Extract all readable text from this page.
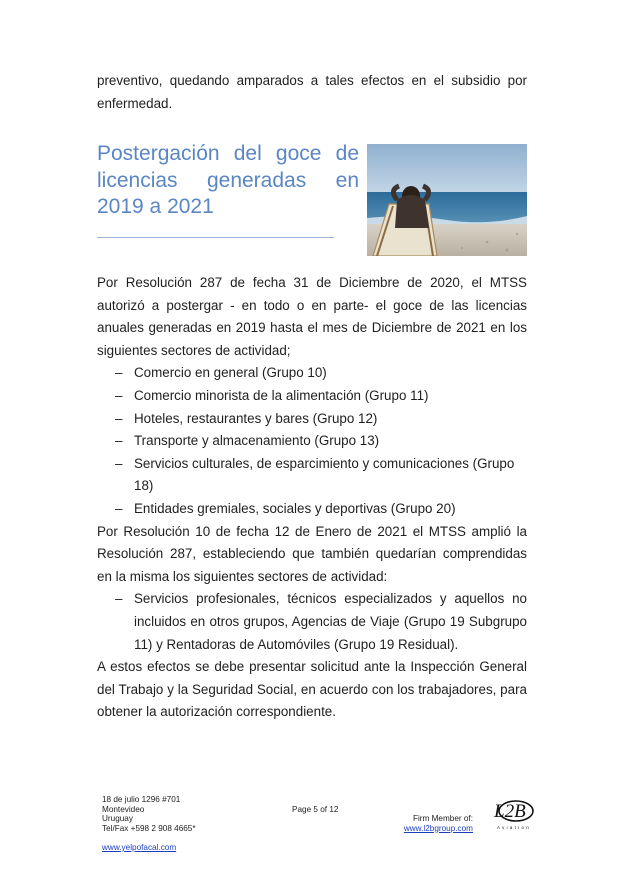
preventivo, quedando amparados a tales efectos en el subsidio por enfermedad.

Postergación del goce de licencias generadas en 2019 a 2021

Por Resolución 287 de fecha 31 de Diciembre de 2020, el MTSS autorizó a postergar - en todo o en parte- el goce de las licencias anuales generadas en 2019 hasta el mes de Diciembre de 2021 en los siguientes sectores de actividad;

– Comercio en general (Grupo 10)
– Comercio minorista de la alimentación (Grupo 11)
– Hoteles, restaurantes y bares (Grupo 12)
– Transporte y almacenamiento (Grupo 13)
– Servicios culturales, de esparcimiento y comunicaciones (Grupo 18)
– Entidades gremiales, sociales y deportivas (Grupo 20)

Por Resolución 10 de fecha 12 de Enero de 2021 el MTSS amplió la Resolución 287, estableciendo que también quedarían comprendidas en la misma los siguientes sectores de actividad:

– Servicios profesionales, técnicos especializados y aquellos no incluidos en otros grupos, Agencias de Viaje (Grupo 19 Subgrupo 11) y Rentadoras de Automóviles (Grupo 19 Residual).

A estos efectos se debe presentar solicitud ante la Inspección General del Trabajo y la Seguridad Social, en acuerdo con los trabajadores, para obtener la autorización correspondiente.

18 de julio 1296 #701
Montevideo
Uruguay
Tel/Fax +598 2 908 4665*
Page 5 of 12
Firm Member of:
www.l2bgroup.com
L2B
Aviation
www.yelpofacal.com
